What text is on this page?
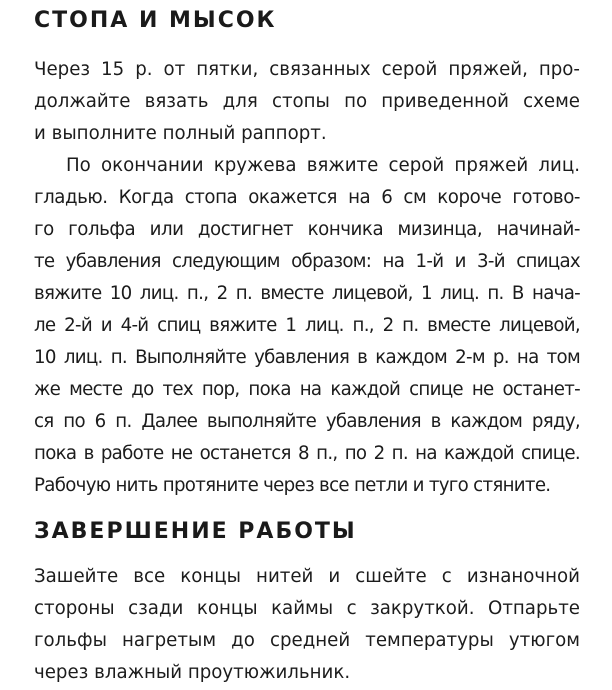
СТОПА И МЫСОК

Через 15 р. от пятки, связанных серой пряжей, про-

должайте вязать для стопы по приведенной схеме

и выполните полный раппорт.

По окончании кружева вяжите серой пряжей лиц.

гладью. Когда стопа окажется на 6 см короче готово-

го гольфа или достигнет кончика мизинца, начинай-

те убавления следующим образом: на 1-й и 3-й спицах

вяжите 10 лиц. п., 2 п. вместе лицевой, 1 лиц. п. В нача-

ле 2-й и 4-й спиц вяжите 1 лиц. п., 2 п. вместе лицевой,

10 лиц. п. Выполняйте убавления в каждом 2-м р. на том

же месте до тех пор, пока на каждой спице не останет-

ся по 6 п. Далее выполняйте убавления в каждом ряду,

пока в работе не останется 8 п., по 2 п. на каждой спице.

Рабочую нить протяните через все петли и туго стяните.

ЗАВЕРШЕНИЕ РАБОТЫ

Зашейте все концы нитей и сшейте с изнаночной

стороны сзади концы каймы с закруткой. Отпарьте

гольфы нагретым до средней температуры утюгом

через влажный проутюжильник.
